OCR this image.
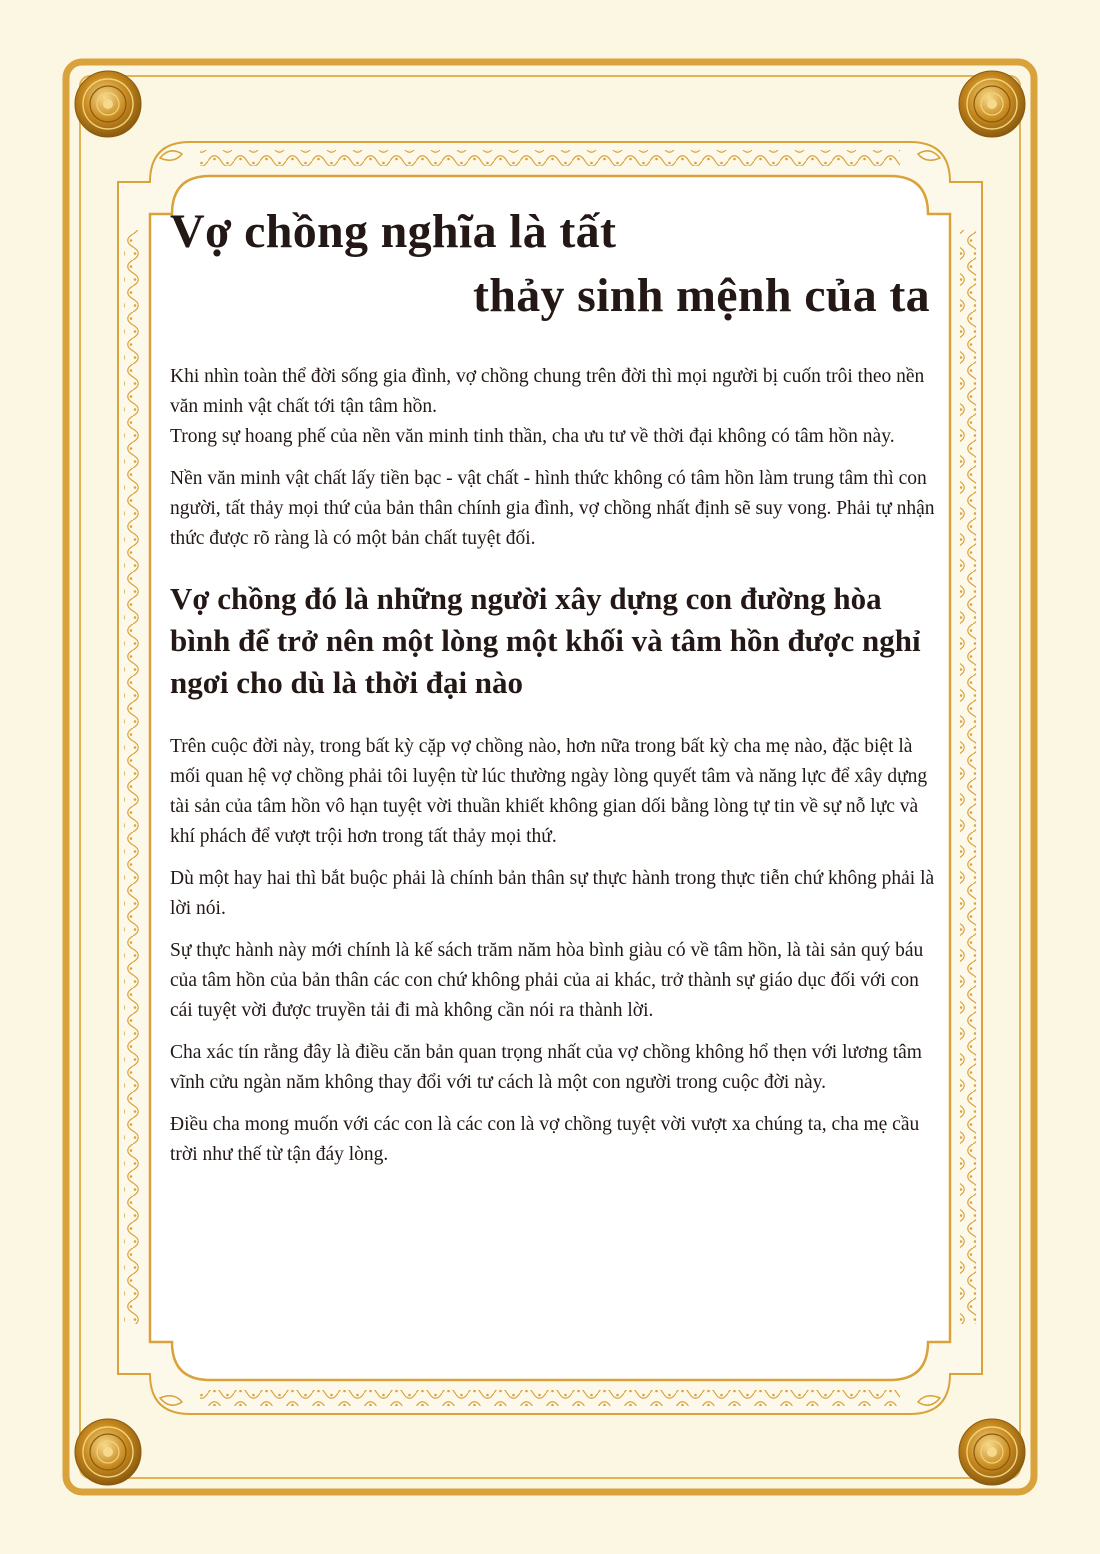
Vợ chồng nghĩa là tất
thảy sinh mệnh của ta

Khi nhìn toàn thể đời sống gia đình, vợ chồng chung trên đời thì mọi người bị cuốn trôi theo nền văn minh vật chất tới tận tâm hồn.

Trong sự hoang phế của nền văn minh tinh thần, cha ưu tư về thời đại không có tâm hồn này.

Nền văn minh vật chất lấy tiền bạc - vật chất - hình thức không có tâm hồn làm trung tâm thì con người, tất thảy mọi thứ của bản thân chính gia đình, vợ chồng nhất định sẽ suy vong. Phải tự nhận thức được rõ ràng là có một bản chất tuyệt đối.

Vợ chồng đó là những người xây dựng con đường hòa bình để trở nên một lòng một khối và tâm hồn được nghỉ ngơi cho dù là thời đại nào

Trên cuộc đời này, trong bất kỳ cặp vợ chồng nào, hơn nữa trong bất kỳ cha mẹ nào, đặc biệt là mối quan hệ vợ chồng phải tôi luyện từ lúc thường ngày lòng quyết tâm và năng lực để xây dựng tài sản của tâm hồn vô hạn tuyệt vời thuần khiết không gian dối bằng lòng tự tin về sự nỗ lực và khí phách để vượt trội hơn trong tất thảy mọi thứ.

Dù một hay hai thì bắt buộc phải là chính bản thân sự thực hành trong thực tiễn chứ không phải là lời nói.

Sự thực hành này mới chính là kế sách trăm năm hòa bình giàu có về tâm hồn, là tài sản quý báu của tâm hồn của bản thân các con chứ không phải của ai khác, trở thành sự giáo dục đối với con cái tuyệt vời được truyền tải đi mà không cần nói ra thành lời.

Cha xác tín rằng đây là điều căn bản quan trọng nhất của vợ chồng không hổ thẹn với lương tâm vĩnh cửu ngàn năm không thay đổi với tư cách là một con người trong cuộc đời này.

Điều cha mong muốn với các con là các con là vợ chồng tuyệt vời vượt xa chúng ta, cha mẹ cầu trời như thế từ tận đáy lòng.
